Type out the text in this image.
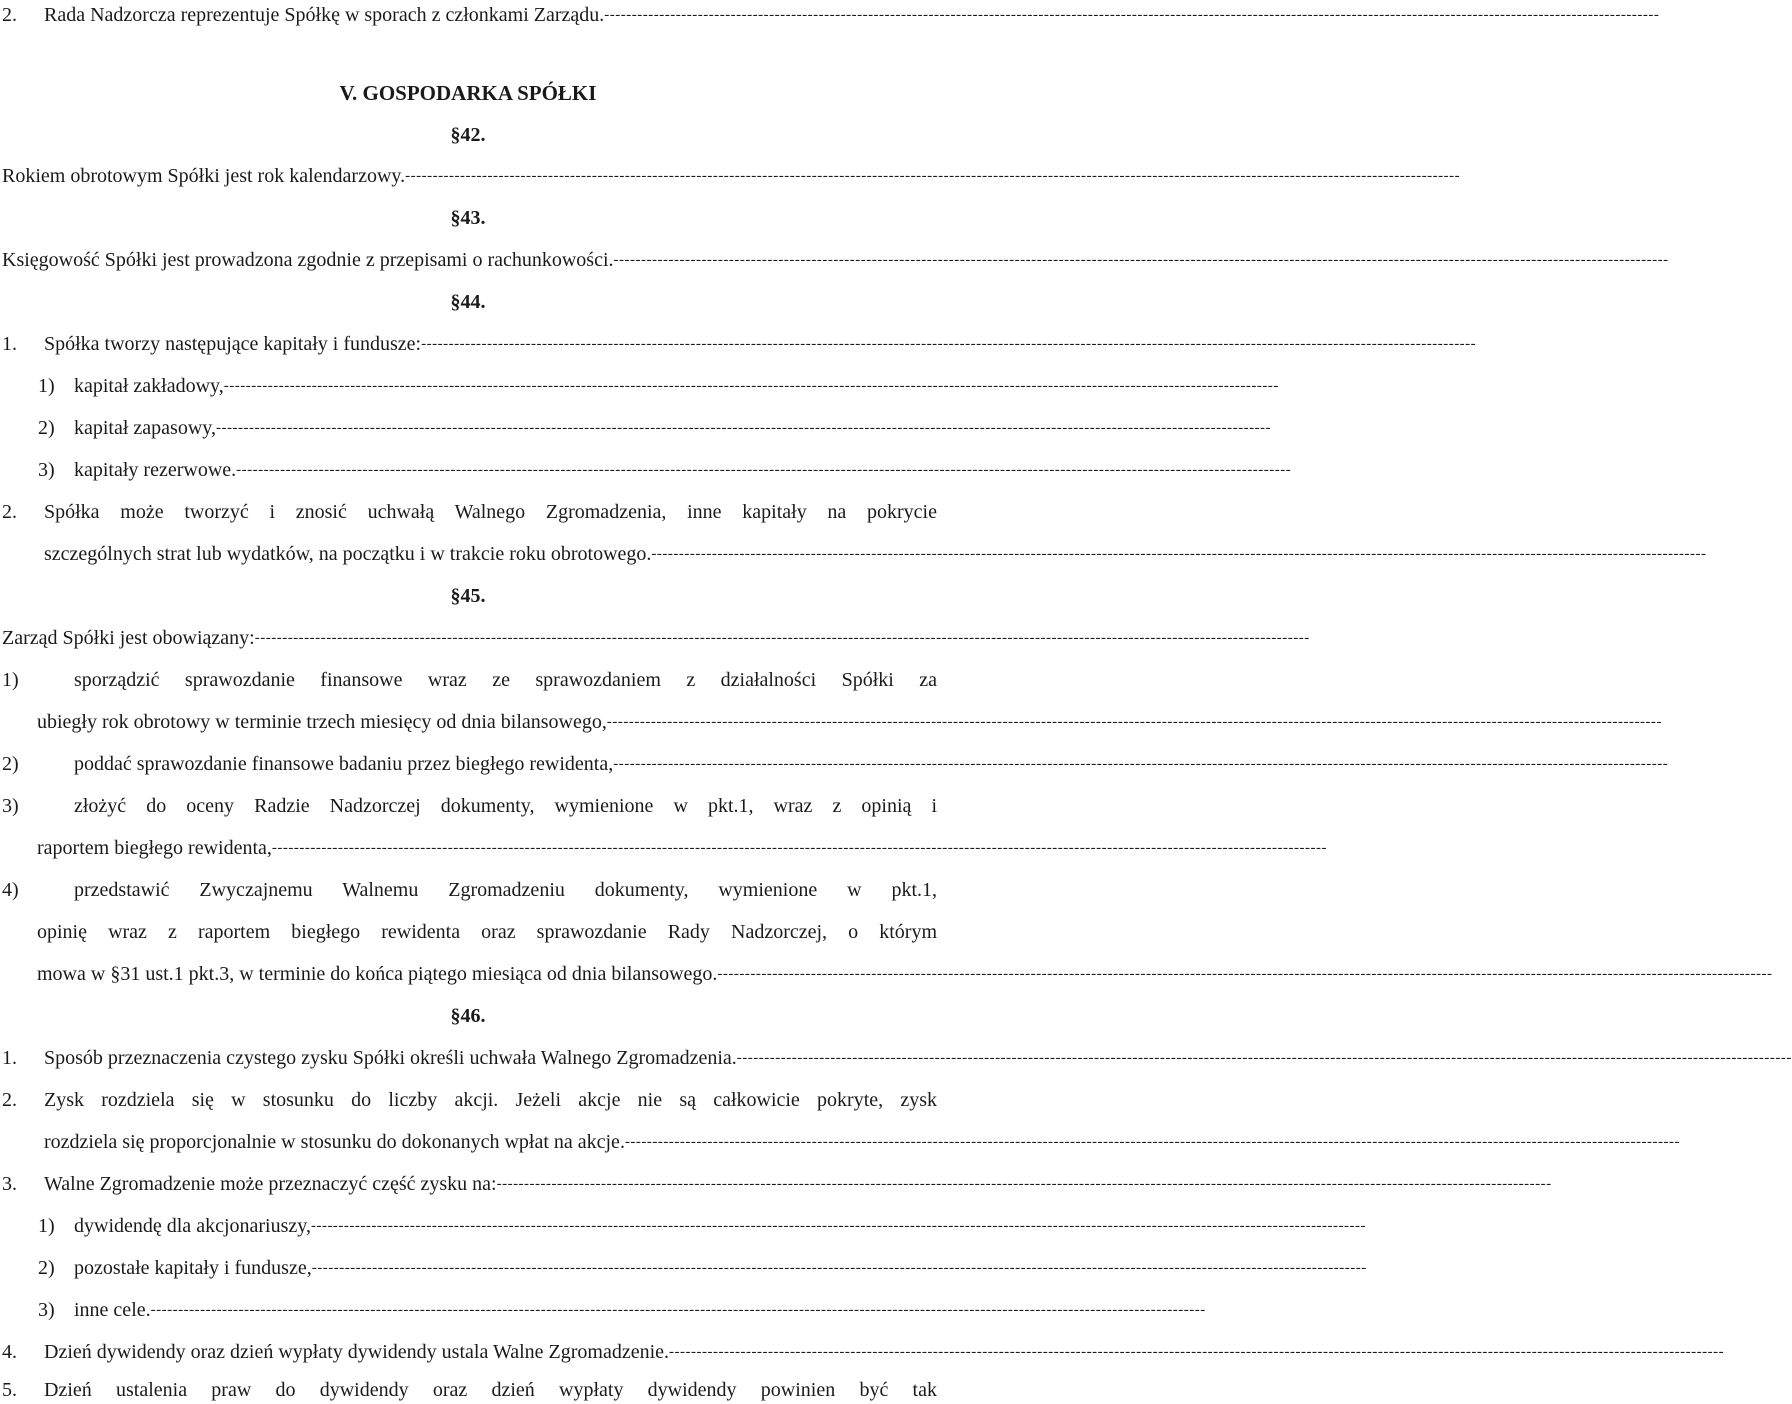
2. Rada Nadzorcza reprezentuje Spółkę w sporach z członkami Zarządu. ------------------------------------------------------------------------------------------------------------------------------------------------------------------------------------------------
V. GOSPODARKA SPÓŁKI
§42.
Rokiem obrotowym Spółki jest rok kalendarzowy. ------------------------------------------------------------------------------------------------------------------------------------------------------------------------------------------------
§43.
Księgowość Spółki jest prowadzona zgodnie z przepisami o rachunkowości. ------------------------------------------------------------------------------------------------------------------------------------------------------------------------------------------------
§44.
1. Spółka tworzy następujące kapitały i fundusze: ------------------------------------------------------------------------------------------------------------------------------------------------------------------------------------------------
1) kapitał zakładowy, ------------------------------------------------------------------------------------------------------------------------------------------------------------------------------------------------
2) kapitał zapasowy, ------------------------------------------------------------------------------------------------------------------------------------------------------------------------------------------------
3) kapitały rezerwowe. ------------------------------------------------------------------------------------------------------------------------------------------------------------------------------------------------
2. Spółka może tworzyć i znosić uchwałą Walnego Zgromadzenia, inne kapitały na pokrycie
szczególnych strat lub wydatków, na początku i w trakcie roku obrotowego. ------------------------------------------------------------------------------------------------------------------------------------------------------------------------------------------------
§45.
Zarząd Spółki jest obowiązany: ------------------------------------------------------------------------------------------------------------------------------------------------------------------------------------------------
1)	sporządzić sprawozdanie finansowe wraz ze sprawozdaniem z działalności Spółki za
ubiegły rok obrotowy w terminie trzech miesięcy od dnia bilansowego, ------------------------------------------------------------------------------------------------------------------------------------------------------------------------------------------------
2)	poddać sprawozdanie finansowe badaniu przez biegłego rewidenta, ------------------------------------------------------------------------------------------------------------------------------------------------------------------------------------------------
3)	złożyć do oceny Radzie Nadzorczej dokumenty, wymienione w pkt.1, wraz z opinią i
raportem biegłego rewidenta, ------------------------------------------------------------------------------------------------------------------------------------------------------------------------------------------------
4)	przedstawić Zwyczajnemu Walnemu Zgromadzeniu dokumenty, wymienione w pkt.1,
opinię wraz z raportem biegłego rewidenta oraz sprawozdanie Rady Nadzorczej, o którym
mowa w §31 ust.1 pkt.3, w terminie do końca piątego miesiąca od dnia bilansowego. ------------------------------------------------------------------------------------------------------------------------------------------------------------------------------------------------
§46.
1. Sposób przeznaczenia czystego zysku Spółki określi uchwała Walnego Zgromadzenia. ------------------------------------------------------------------------------------------------------------------------------------------------------------------------------------------------
2. Zysk rozdziela się w stosunku do liczby akcji. Jeżeli akcje nie są całkowicie pokryte, zysk
rozdziela się proporcjonalnie w stosunku do dokonanych wpłat na akcje. ------------------------------------------------------------------------------------------------------------------------------------------------------------------------------------------------
3. Walne Zgromadzenie może przeznaczyć część zysku na: ------------------------------------------------------------------------------------------------------------------------------------------------------------------------------------------------
1) dywidendę dla akcjonariuszy, ------------------------------------------------------------------------------------------------------------------------------------------------------------------------------------------------
2) pozostałe kapitały i fundusze, ------------------------------------------------------------------------------------------------------------------------------------------------------------------------------------------------
3) inne cele. ------------------------------------------------------------------------------------------------------------------------------------------------------------------------------------------------
4. Dzień dywidendy oraz dzień wypłaty dywidendy ustala Walne Zgromadzenie. ------------------------------------------------------------------------------------------------------------------------------------------------------------------------------------------------
5. Dzień ustalenia praw do dywidendy oraz dzień wypłaty dywidendy powinien być tak
